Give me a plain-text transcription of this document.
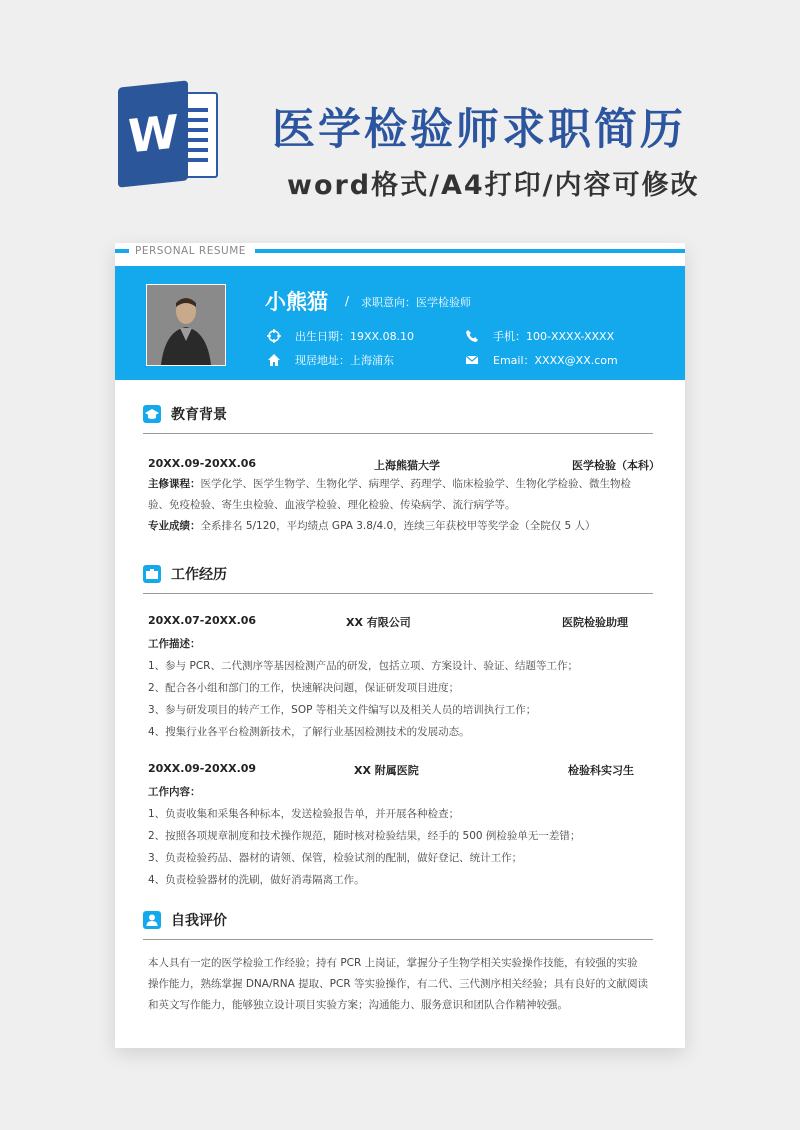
W 医学检验师求职简历
word格式/A4打印/内容可修改
PERSONAL RESUME
小熊猫 / 求职意向：医学检验师
出生日期：19XX.08.10	手机：100-XXXX-XXXX
现居地址：上海浦东	Email：XXXX@XX.com
教育背景
20XX.09-20XX.06	上海熊猫大学	医学检验（本科）
主修课程：医学化学、医学生物学、生物化学、病理学、药理学、临床检验学、生物化学检验、微生物检验、免疫检验、寄生虫检验、血液学检验、理化检验、传染病学、流行病学等。
专业成绩：全系排名 5/120，平均绩点 GPA 3.8/4.0，连续三年获校甲等奖学金（全院仅 5 人）
工作经历
20XX.07-20XX.06	XX 有限公司	医院检验助理
工作描述：
1、参与 PCR、二代测序等基因检测产品的研发，包括立项、方案设计、验证、结题等工作；
2、配合各小组和部门的工作，快速解决问题，保证研发项目进度；
3、参与研发项目的转产工作，SOP 等相关文件编写以及相关人员的培训执行工作；
4、搜集行业各平台检测新技术，了解行业基因检测技术的发展动态。
20XX.09-20XX.09	XX 附属医院	检验科实习生
工作内容：
1、负责收集和采集各种标本，发送检验报告单，并开展各种检查；
2、按照各项规章制度和技术操作规范，随时核对检验结果，经手的 500 例检验单无一差错；
3、负责检验药品、器材的请领、保管，检验试剂的配制，做好登记、统计工作；
4、负责检验器材的洗刷，做好消毒隔离工作。
自我评价
本人具有一定的医学检验工作经验；持有 PCR 上岗证，掌握分子生物学相关实验操作技能，有较强的实验操作能力，熟练掌握 DNA/RNA 提取、PCR 等实验操作，有二代、三代测序相关经验；具有良好的文献阅读和英文写作能力，能够独立设计项目实验方案；沟通能力、服务意识和团队合作精神较强。
